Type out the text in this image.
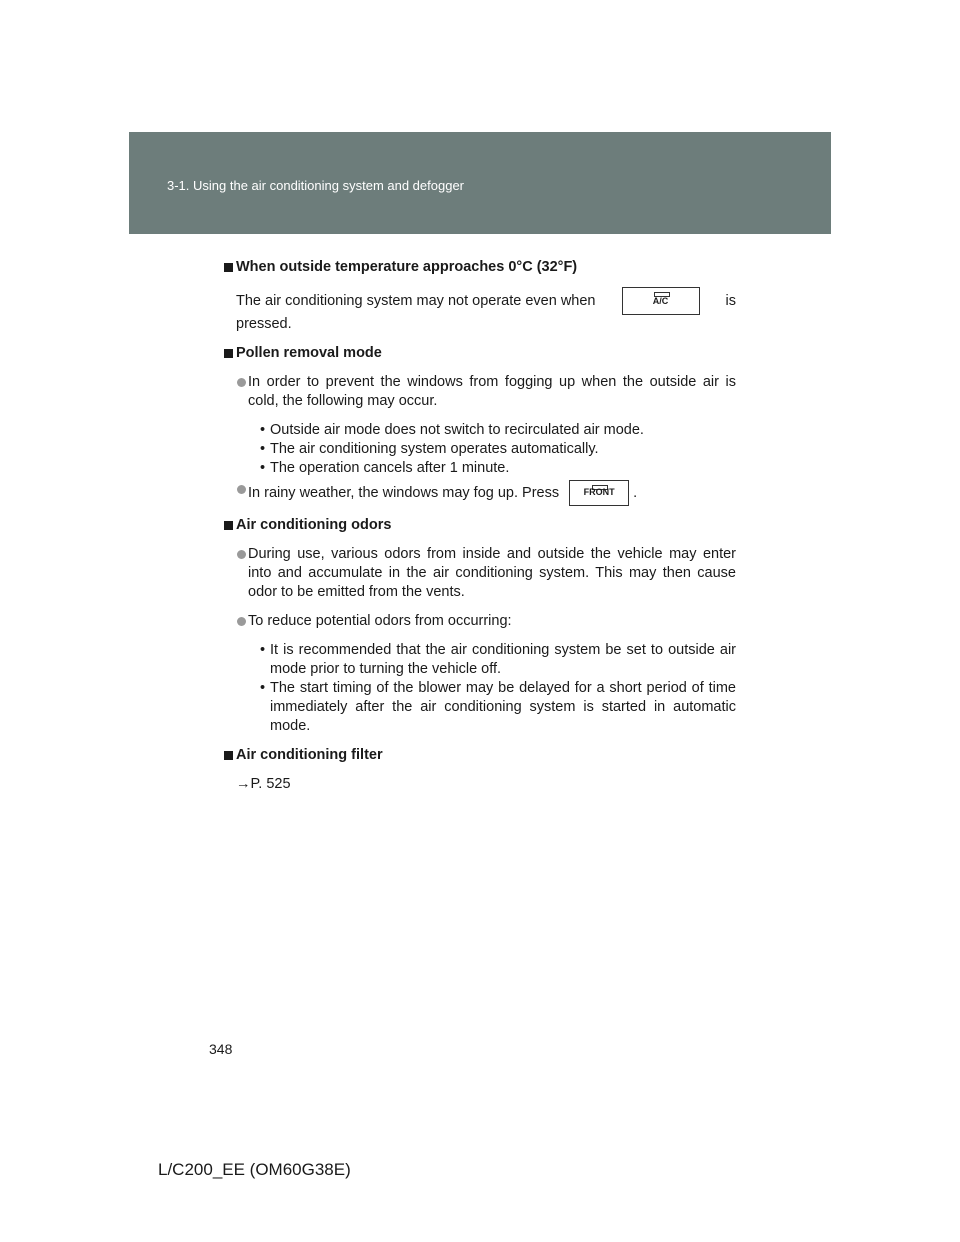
3-1. Using the air conditioning system and defogger
When outside temperature approaches 0°C (32°F)
The air conditioning system may not operate even when	A/C	is
pressed.
Pollen removal mode
In order to prevent the windows from fogging up when the outside air is cold, the following may occur.
• Outside air mode does not switch to recirculated air mode.
• The air conditioning system operates automatically.
• The operation cancels after 1 minute.
In rainy weather, the windows may fog up. Press	FRONT	.
Air conditioning odors
During use, various odors from inside and outside the vehicle may enter into and accumulate in the air conditioning system. This may then cause odor to be emitted from the vents.
To reduce potential odors from occurring:
• It is recommended that the air conditioning system be set to outside air mode prior to turning the vehicle off.
• The start timing of the blower may be delayed for a short period of time immediately after the air conditioning system is started in automatic mode.
Air conditioning filter
→P. 525
348
L/C200_EE (OM60G38E)
